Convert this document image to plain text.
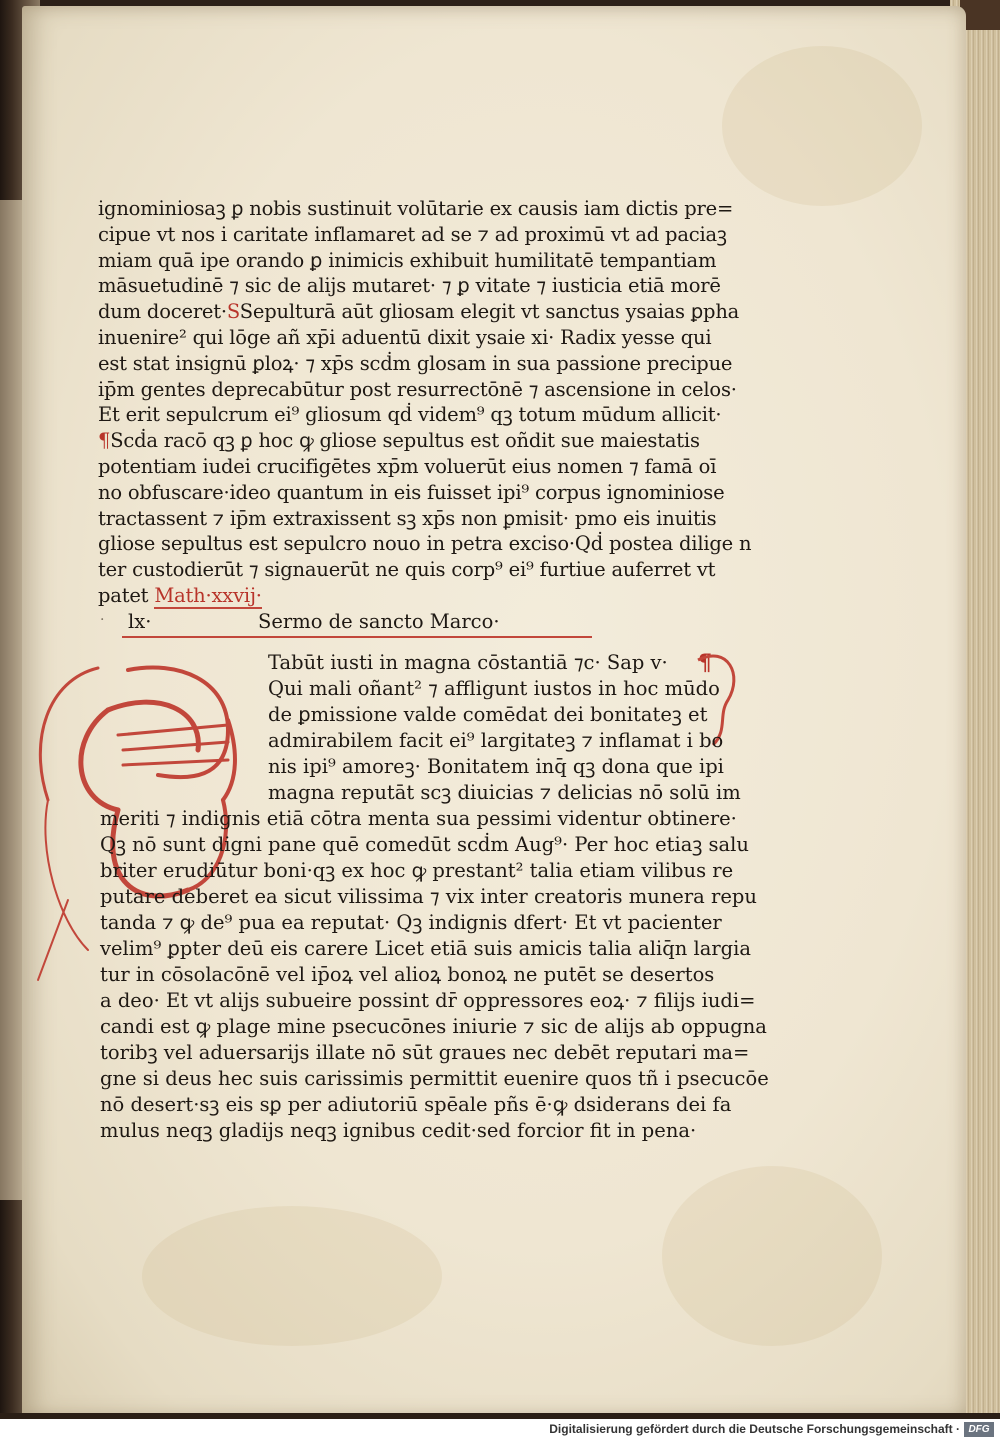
ignominiosaꝫ ꝑ nobis sustinuit volūtarie ex causis iam dictis pre=
cipue vt nos i caritate inflamaret ad se ⁊ ad proximū vt ad paciaꝫ
miam quā ipe orando ꝑ inimicis exhibuit humilitatē tempantiam
māsuetudinē ⁊ sic de alijs mutaret· ⁊ ꝑ vitate ⁊ iusticia etiā morē
dum doceret·SSepulturā aūt gliosam elegit vt sanctus ysaias ꝑpha
inuenire² qui lōge añ xp̄i aduentū dixit ysaie xi· Radix yesse qui
est stat insignū ꝑloꝝ· ⁊ xp̄s scḋm glosam in sua passione precipue
ip̄m gentes deprecabūtur post resurrectōnē ⁊ ascensione in celos·
Et erit sepulcrum ei⁹ gliosum qḋ videm⁹ qꝫ totum mūdum allicit·
¶Scḋa racō qꝫ ꝑ hoc ꝙ gliose sepultus est oñdit sue maiestatis
potentiam iudei crucifigētes xp̄m voluerūt eius nomen ⁊ famā oī
no obfuscare·ideo quantum in eis fuisset ipi⁹ corpus ignominiose
tractassent ⁊ ip̄m extraxissent sꝫ xp̄s non ꝑmisit· pmo eis inuitis
gliose sepultus est sepulcro nouo in petra exciso·Qḋ postea dilige n
ter custodierūt ⁊ signauerūt ne quis corp⁹ ei⁹ furtiue auferret vt
patet Math·xxvij·
· lx·	Sermo de sancto Marco·
¶
Tabūt iusti in magna cōstantiā ⁊c· Sap v·
Qui mali oñant² ⁊ affligunt iustos in hoc mūdo
de ꝑmissione valde comēdat dei bonitateꝫ et
admirabilem facit ei⁹ largitateꝫ ⁊ inflamat i bo
nis ipi⁹ amoreꝫ· Bonitatem inq̄ qꝫ dona que ipi
magna reputāt scꝫ diuicias ⁊ delicias nō solū im
meriti ⁊ indignis etiā cōtra menta sua pessimi videntur obtinere·
Qꝫ nō sunt digni pane quē comedūt scḋm Aug⁹· Per hoc etiaꝫ salu
briter erudiūtur boni·qꝫ ex hoc ꝙ prestant² talia etiam vilibus re
putare deberet ea sicut vilissima ⁊ vix inter creatoris munera repu
tanda ⁊ ꝙ de⁹ pua ea reputat· Qꝫ indignis dfert· Et vt pacienter
velim⁹ ꝑpter deū eis carere Licet etiā suis amicis talia aliq̄n largia
tur in cōsolacōnē vel ip̄oꝝ vel alioꝝ bonoꝝ ne putēt se desertos
a deo· Et vt alijs subueire possint dr̄ oppressores eoꝝ· ⁊ filijs iudi=
candi est ꝙ plage mine psecucōnes iniurie ⁊ sic de alijs ab oppugna
toribꝫ vel aduersarijs illate nō sūt graues nec debēt reputari ma=
gne si deus hec suis carissimis permittit euenire quos tñ i psecucōe
nō desert·sꝫ eis sꝑ per adiutoriū spēale pñs ē·ꝙ dsiderans dei fa
mulus neqꝫ gladijs neqꝫ ignibus cedit·sed forcior fit in pena·
Digitalisierung gefördert durch die Deutsche Forschungsgemeinschaft · DFG
